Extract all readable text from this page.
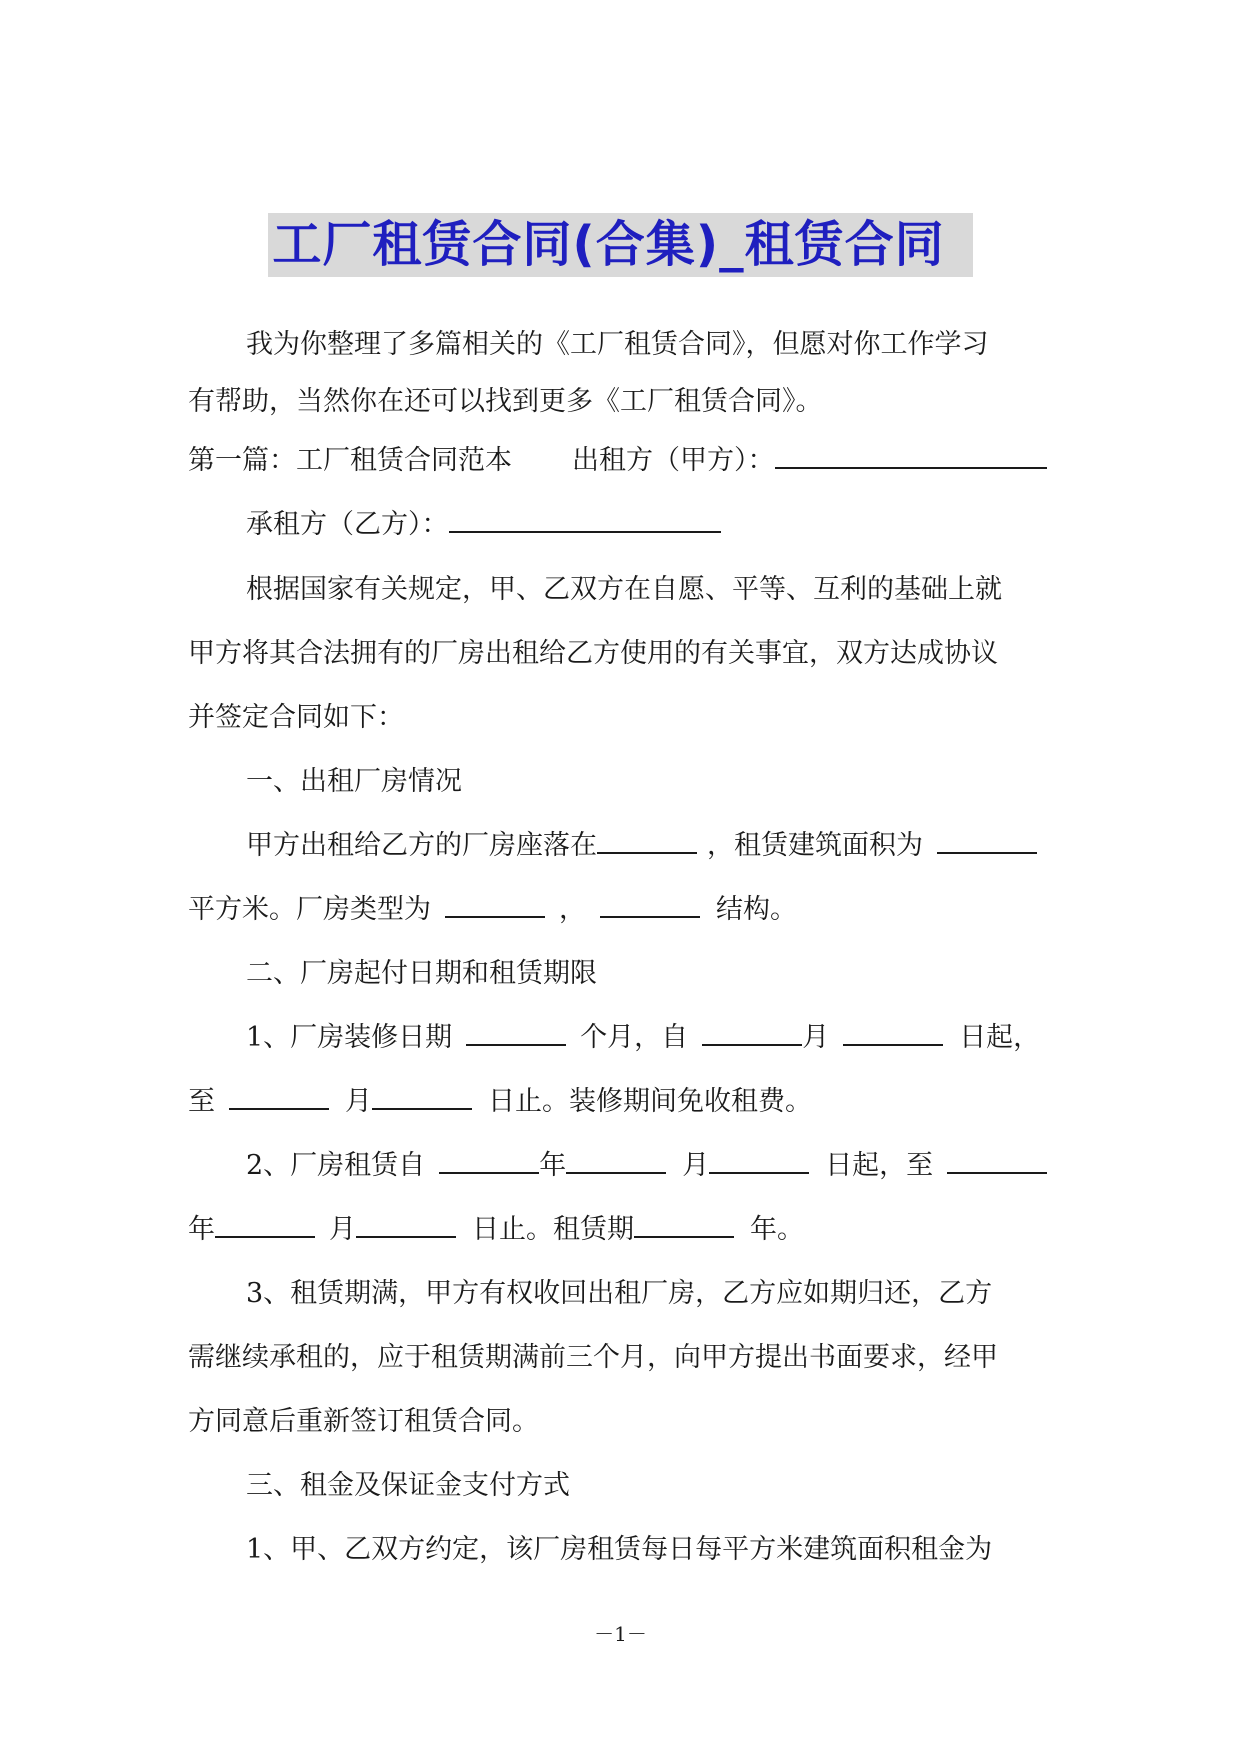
工厂租赁合同(合集)_租赁合同
我为你整理了多篇相关的《工厂租赁合同》，但愿对你工作学习
有帮助，当然你在还可以找到更多《工厂租赁合同》。
第一篇：工厂租赁合同范本 出租方（甲方）：
承租方（乙方）：
根据国家有关规定，甲、乙双方在自愿、平等、互利的基础上就
甲方将其合法拥有的厂房出租给乙方使用的有关事宜，双方达成协议
并签定合同如下：
一、出租厂房情况
甲方出租给乙方的厂房座落在	，租赁建筑面积为
平方米。厂房类型为	，	结构。
二、厂房起付日期和租赁期限
1、厂房装修日期	个月，自	月	日起，
至	月	日止。装修期间免收租费。
2、厂房租赁自	年	月	日起，至
年	月	日止。租赁期	年。
3、租赁期满，甲方有权收回出租厂房，乙方应如期归还，乙方
需继续承租的，应于租赁期满前三个月，向甲方提出书面要求，经甲
方同意后重新签订租赁合同。
三、租金及保证金支付方式
1、甲、乙双方约定，该厂房租赁每日每平方米建筑面积租金为
－1－
